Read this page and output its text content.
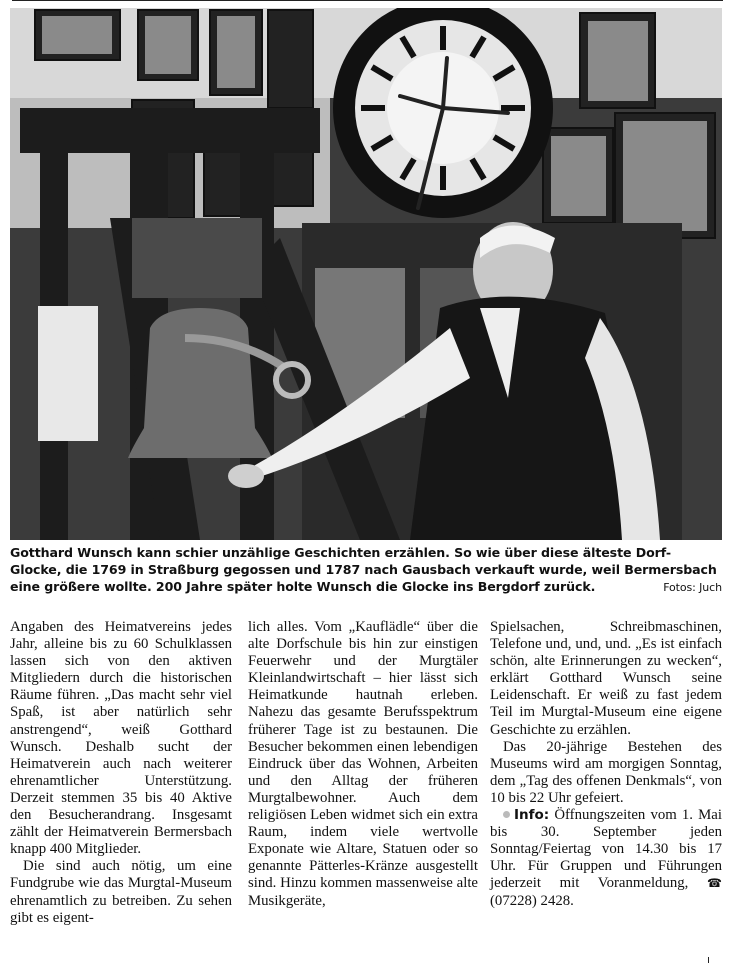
Gotthard Wunsch kann schier unzählige Geschichten erzählen. So wie über diese älteste Dorf-Glocke, die 1769 in Straßburg gegossen und 1787 nach Gausbach verkauft wurde, weil Bermersbach eine größere wollte. 200 Jahre später holte Wunsch die Glocke ins Bergdorf zurück.	Fotos: Juch

Angaben des Heimatvereins jedes Jahr, alleine bis zu 60 Schulklassen lassen sich von den aktiven Mitgliedern durch die historischen Räume führen. „Das macht sehr viel Spaß, ist aber natürlich sehr anstrengend“, weiß Gotthard Wunsch. Deshalb sucht der Heimatverein auch nach weiterer ehrenamtlicher Unterstützung. Derzeit stemmen 35 bis 40 Aktive den Besucherandrang. Insgesamt zählt der Heimatverein Bermersbach knapp 400 Mitglieder.

Die sind auch nötig, um eine Fundgrube wie das Murgtal-Museum ehrenamtlich zu betreiben. Zu sehen gibt es eigent-

lich alles. Vom „Kauflädle“ über die alte Dorfschule bis hin zur einstigen Feuerwehr und der Murgtäler Kleinlandwirtschaft – hier lässt sich Heimatkunde hautnah erleben. Nahezu das gesamte Berufsspektrum früherer Tage ist zu bestaunen. Die Besucher bekommen einen lebendigen Eindruck über das Wohnen, Arbeiten und den Alltag der früheren Murgtalbewohner. Auch dem religiösen Leben widmet sich ein extra Raum, indem viele wertvolle Exponate wie Altare, Statuen oder so genannte Pätterles-Kränze ausgestellt sind. Hinzu kommen massenweise alte Musikgeräte,

Spielsachen, Schreibmaschinen, Telefone und, und, und. „Es ist einfach schön, alte Erinnerungen zu wecken“, erklärt Gotthard Wunsch seine Leidenschaft. Er weiß zu fast jedem Teil im Murgtal-Museum eine eigene Geschichte zu erzählen.

Das 20-jährige Bestehen des Museums wird am morgigen Sonntag, dem „Tag des offenen Denkmals“, von 10 bis 22 Uhr gefeiert.

Info: Öffnungszeiten vom 1. Mai bis 30. September jeden Sonntag/Feiertag von 14.30 bis 17 Uhr. Für Gruppen und Führungen jederzeit mit Voranmeldung, ☎ (07228) 2428.
